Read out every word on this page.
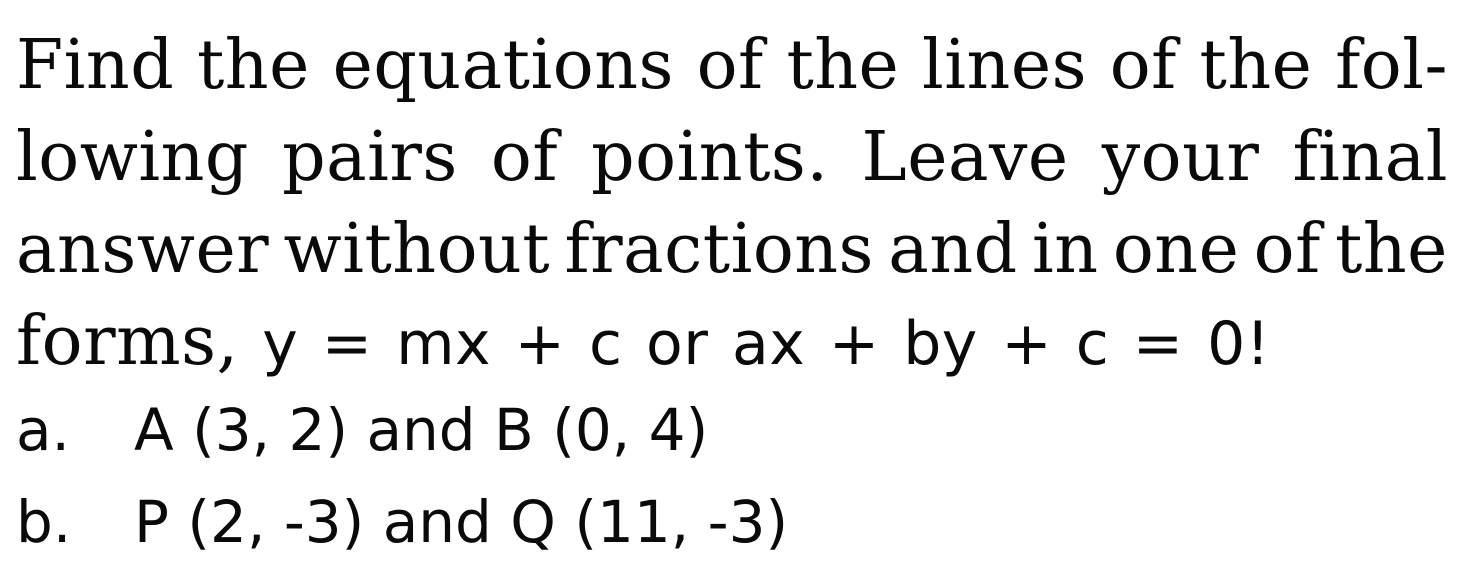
Find the equations of the lines of the fol-
lowing pairs of points. Leave your final
answer without fractions and in one of the
forms, y = mx + c or ax + by + c = 0!
a.	A (3, 2) and B (0, 4)
b.	P (2, -3) and Q (11, -3)
